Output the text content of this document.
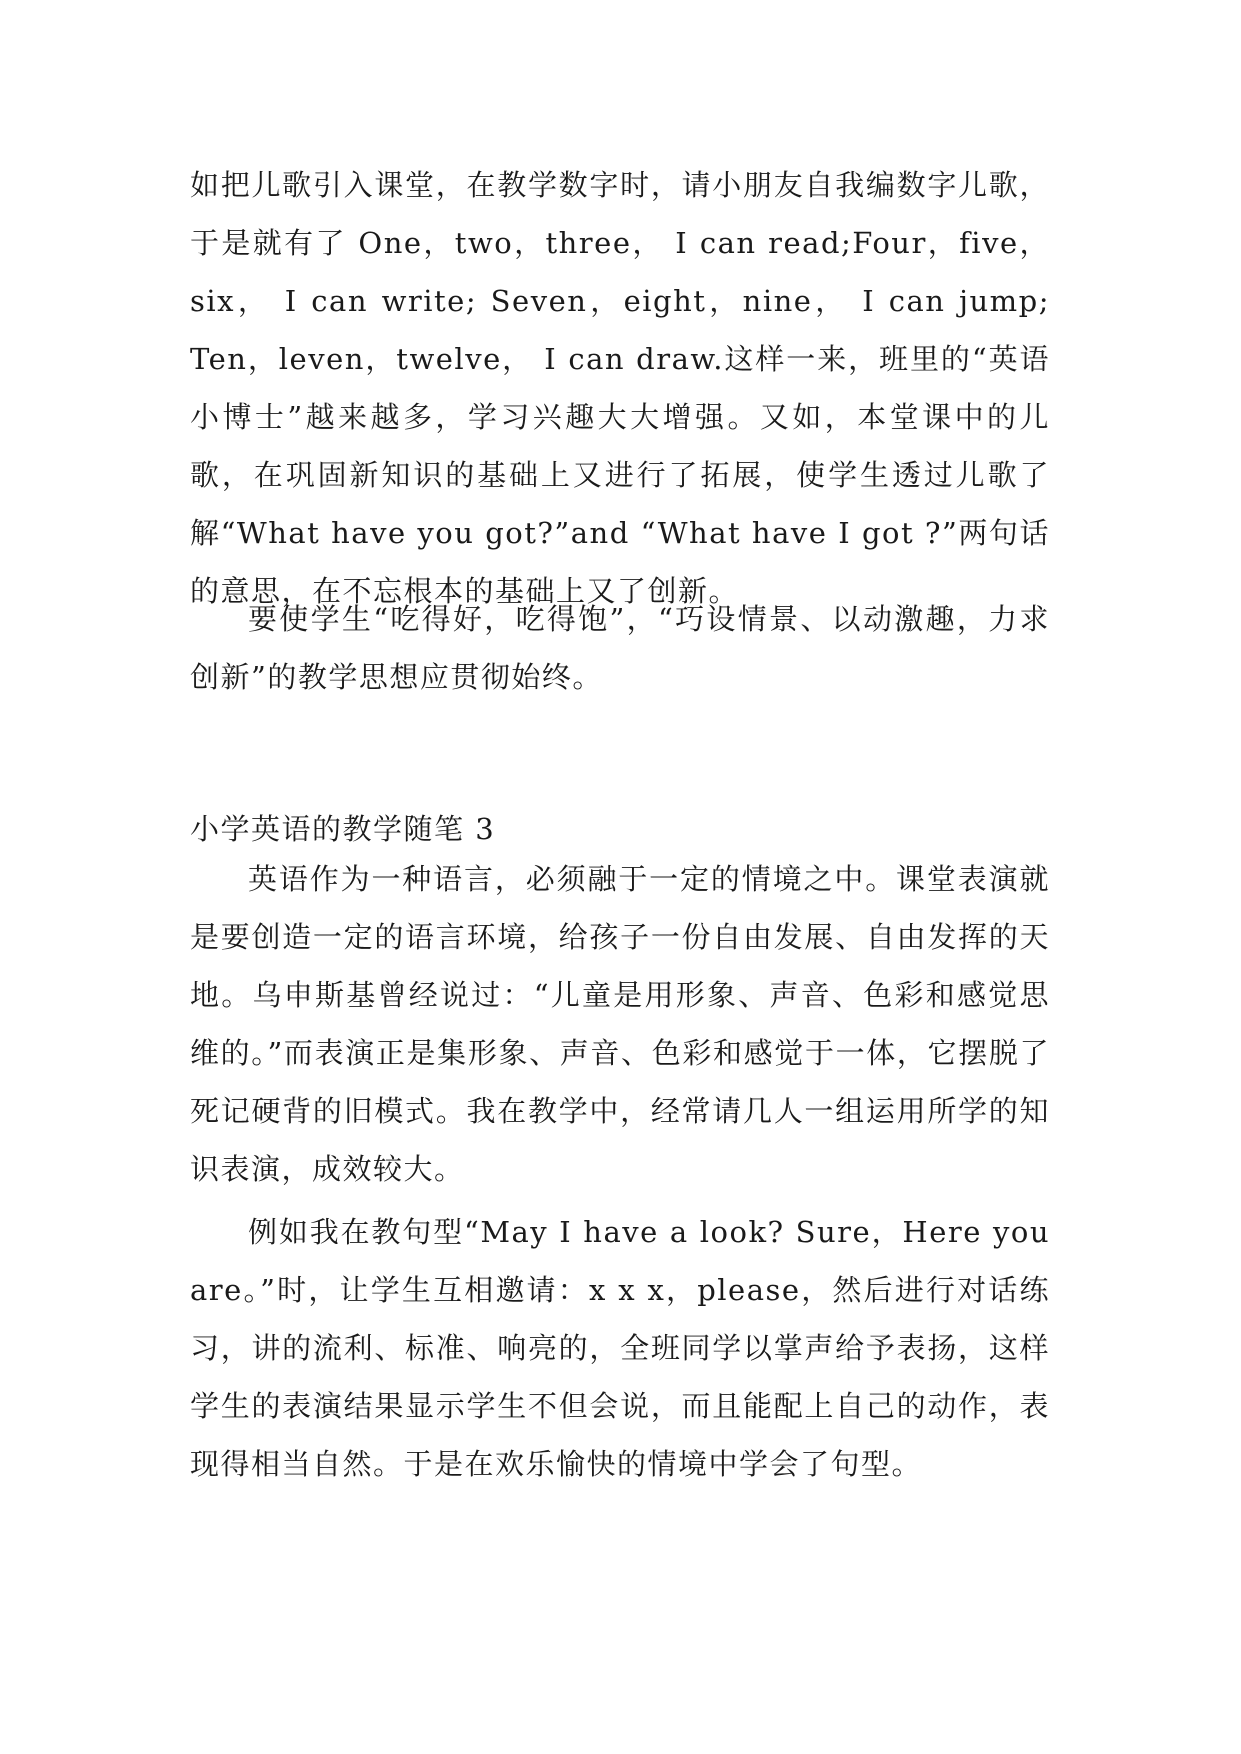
如把儿歌引入课堂，在教学数字时，请小朋友自我编数字儿歌，于是就有了 One，two，three， I can read;Four，five，six， I can write; Seven，eight，nine， I can jump; Ten，leven，twelve， I can draw.这样一来，班里的“英语小博士”越来越多，学习兴趣大大增强。又如，本堂课中的儿歌，在巩固新知识的基础上又进行了拓展，使学生透过儿歌了解“What have you got?”and “What have I got ?”两句话的意思，在不忘根本的基础上又了创新。

要使学生“吃得好，吃得饱”，“巧设情景、以动激趣，力求创新”的教学思想应贯彻始终。

小学英语的教学随笔 3

英语作为一种语言，必须融于一定的情境之中。课堂表演就是要创造一定的语言环境，给孩子一份自由发展、自由发挥的天地。乌申斯基曾经说过：“儿童是用形象、声音、色彩和感觉思维的。”而表演正是集形象、声音、色彩和感觉于一体，它摆脱了死记硬背的旧模式。我在教学中，经常请几人一组运用所学的知识表演，成效较大。

例如我在教句型“May I have a look? Sure，Here you are。”时，让学生互相邀请：x x x，please，然后进行对话练习，讲的流利、标准、响亮的，全班同学以掌声给予表扬，这样学生的表演结果显示学生不但会说，而且能配上自己的动作，表现得相当自然。于是在欢乐愉快的情境中学会了句型。
